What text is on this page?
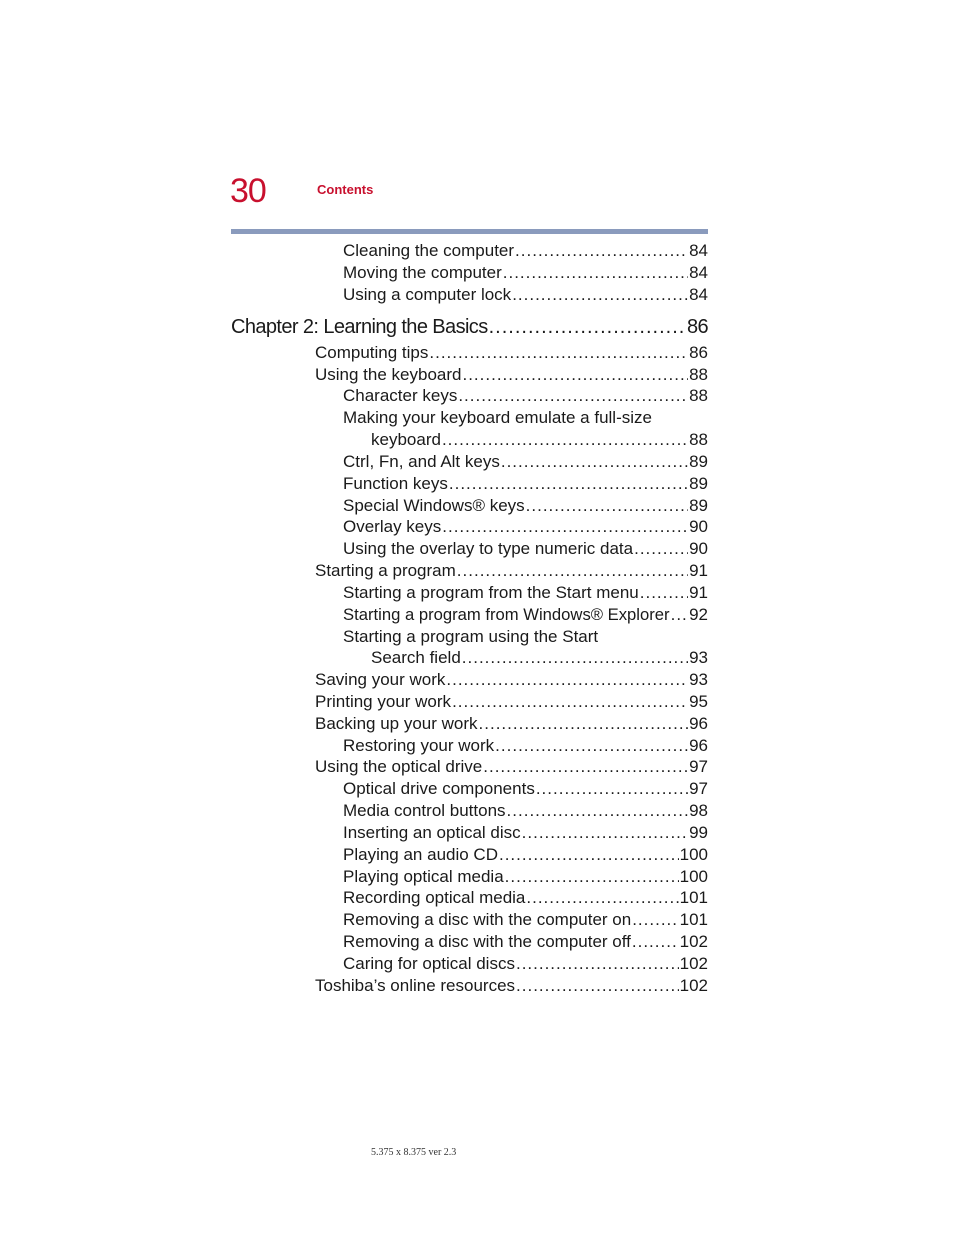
30	Contents
Cleaning the computer .....	84
Moving the computer .....	84
Using a computer lock .....	84
Chapter 2: Learning the Basics .....	86
Computing tips .....	86
Using the keyboard .....	88
Character keys .....	88
Making your keyboard emulate a full-size
keyboard .....	88
Ctrl, Fn, and Alt keys .....	89
Function keys .....	89
Special Windows® keys .....	89
Overlay keys .....	90
Using the overlay to type numeric data .....	90
Starting a program .....	91
Starting a program from the Start menu .....	91
Starting a program from Windows® Explorer ..... 92
Starting a program using the Start
Search field .....	93
Saving your work .....	93
Printing your work .....	95
Backing up your work .....	96
Restoring your work .....	96
Using the optical drive .....	97
Optical drive components .....	97
Media control buttons .....	98
Inserting an optical disc .....	99
Playing an audio CD .....	100
Playing optical media .....	100
Recording optical media .....	101
Removing a disc with the computer on .....	101
Removing a disc with the computer off .....	102
Caring for optical discs .....	102
Toshiba’s online resources .....	102
5.375 x 8.375 ver 2.3
